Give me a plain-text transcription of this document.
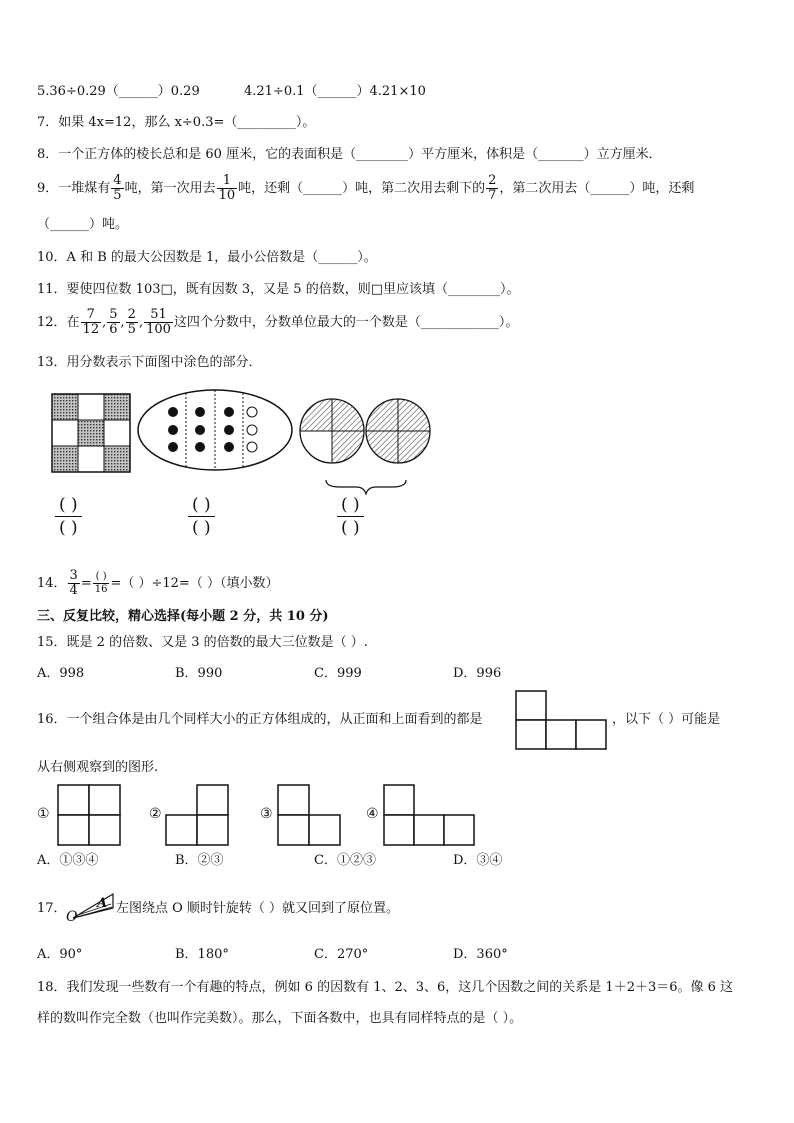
5.36÷0.29（______）0.29	4.21÷0.1（______）4.21×10
7．如果 4x=12，那么 x÷0.3=（_________）。
8．一个正方体的棱长总和是 60 厘米，它的表面积是（________）平方厘米，体积是（_______）立方厘米．
9．一堆煤有 $\frac{4}{5}$ 吨，第一次用去 $\frac{1}{10}$ 吨，还剩（______）吨，第二次用去剩下的 $\frac{2}{7}$ ，第二次用去（______）吨，还剩
（______）吨。
10．A 和 B 的最大公因数是 1，最小公倍数是（______）。
11．要使四位数 103□，既有因数 3，又是 5 的倍数，则□里应该填（________）。
12．在 $\frac{7}{12}$ , $\frac{5}{6}$ , $\frac{2}{5}$ , $\frac{51}{100}$ 这四个分数中，分数单位最大的一个数是（____________）。
13．用分数表示下面图中涂色的部分．
( )
( )
( )
( )
( )
( )
14． $\frac{3}{4} = \frac{( )}{16}$ =（ ）÷12=（ ）（填小数）
三、反复比较，精心选择(每小题 2 分，共 10 分)
15．既是 2 的倍数、又是 3 的倍数的最大三位数是（ ）.
A．998	B．990	C．999	D．996
16．一个组合体是由几个同样大小的正方体组成的，从正面和上面看到的都是	，以下（ ）可能是
从右侧观察到的图形.
①	②	③	④
A．①③④	B．②③	C．①②③	D．③④
17．
O
A 左图绕点 O 顺时针旋转（ ）就又回到了原位置。
A．90°	B．180°	C．270°	D．360°
18．我们发现一些数有一个有趣的特点，例如 6 的因数有 1、2、3、6，这几个因数之间的关系是 1＋2＋3＝6。像 6 这
样的数叫作完全数（也叫作完美数）。那么，下面各数中，也具有同样特点的是（ ）。
